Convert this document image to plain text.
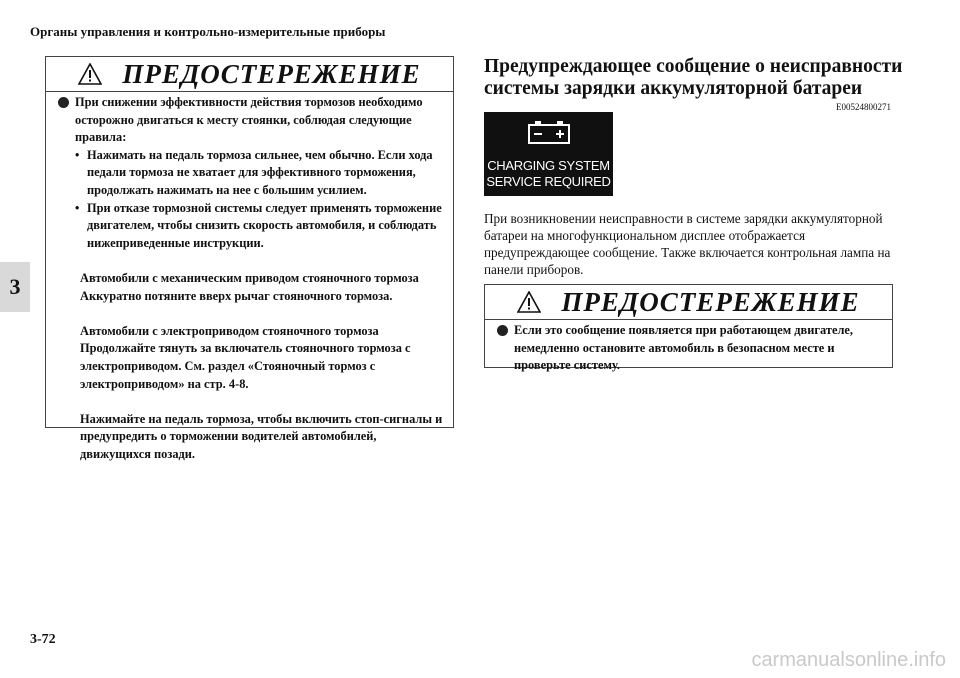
Органы управления и контрольно-измерительные приборы
3
ПРЕДОСТЕРЕЖЕНИЕ
При снижении эффективности действия тормозов необходимо осторожно двигаться к месту стоянки, соблюдая следующие правила:
• Нажимать на педаль тормоза сильнее, чем обычно. Если хода педали тормоза не хватает для эффективного торможения, продолжать нажимать на нее с большим усилием.
• При отказе тормозной системы следует применять торможение двигателем, чтобы снизить скорость автомобиля, и соблюдать нижеприведенные инструкции.
Автомобили с механическим приводом стояночного тормоза
Аккуратно потяните вверх рычаг стояночного тормоза.
Автомобили с электроприводом стояночного тормоза
Продолжайте тянуть за включатель стояночного тормоза с электроприводом. См. раздел «Стояночный тормоз с электроприводом» на стр. 4-8.
Нажимайте на педаль тормоза, чтобы включить стоп-сигналы и предупредить о торможении водителей автомобилей, движущихся позади.
Предупреждающее сообщение о неисправности системы зарядки аккумуляторной батареи
E00524800271
CHARGING SYSTEM
SERVICE REQUIRED
При возникновении неисправности в системе зарядки аккумуляторной батареи на многофункциональном дисплее отображается предупреждающее сообщение. Также включается контрольная лампа на панели приборов.
ПРЕДОСТЕРЕЖЕНИЕ
Если это сообщение появляется при работающем двигателе, немедленно остановите автомобиль в безопасном месте и проверьте систему.
3-72
carmanualsonline.info
